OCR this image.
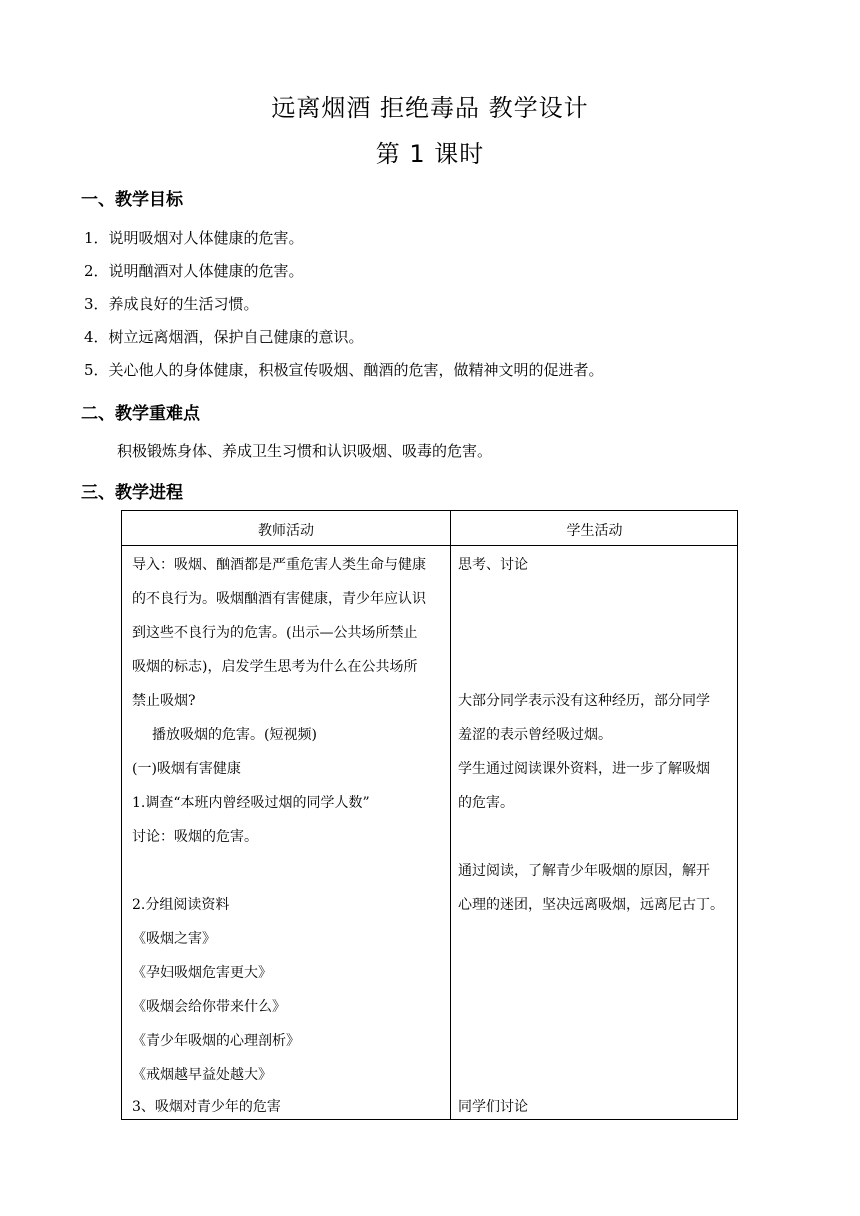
远离烟酒 拒绝毒品 教学设计
第 1 课时
一、教学目标
1．说明吸烟对人体健康的危害。
2．说明酗酒对人体健康的危害。
3．养成良好的生活习惯。
4．树立远离烟酒，保护自己健康的意识。
5．关心他人的身体健康，积极宣传吸烟、酗酒的危害，做精神文明的促进者。
二、教学重难点
积极锻炼身体、养成卫生习惯和认识吸烟、吸毒的危害。
三、教学进程
教师活动	学生活动
导入：吸烟、酗酒都是严重危害人类生命与健康
的不良行为。吸烟酗酒有害健康，青少年应认识
到这些不良行为的危害。(出示—公共场所禁止
吸烟的标志)，启发学生思考为什么在公共场所
禁止吸烟?
播放吸烟的危害。(短视频)
(一)吸烟有害健康
1.调查“本班内曾经吸过烟的同学人数”
讨论：吸烟的危害。
2.分组阅读资料
《吸烟之害》
《孕妇吸烟危害更大》
《吸烟会给你带来什么》
《青少年吸烟的心理剖析》
《戒烟越早益处越大》
3、吸烟对青少年的危害
思考、讨论
大部分同学表示没有这种经历，部分同学
羞涩的表示曾经吸过烟。
学生通过阅读课外资料，进一步了解吸烟
的危害。
通过阅读，了解青少年吸烟的原因，解开
心理的迷团，坚决远离吸烟，远离尼古丁。
同学们讨论
